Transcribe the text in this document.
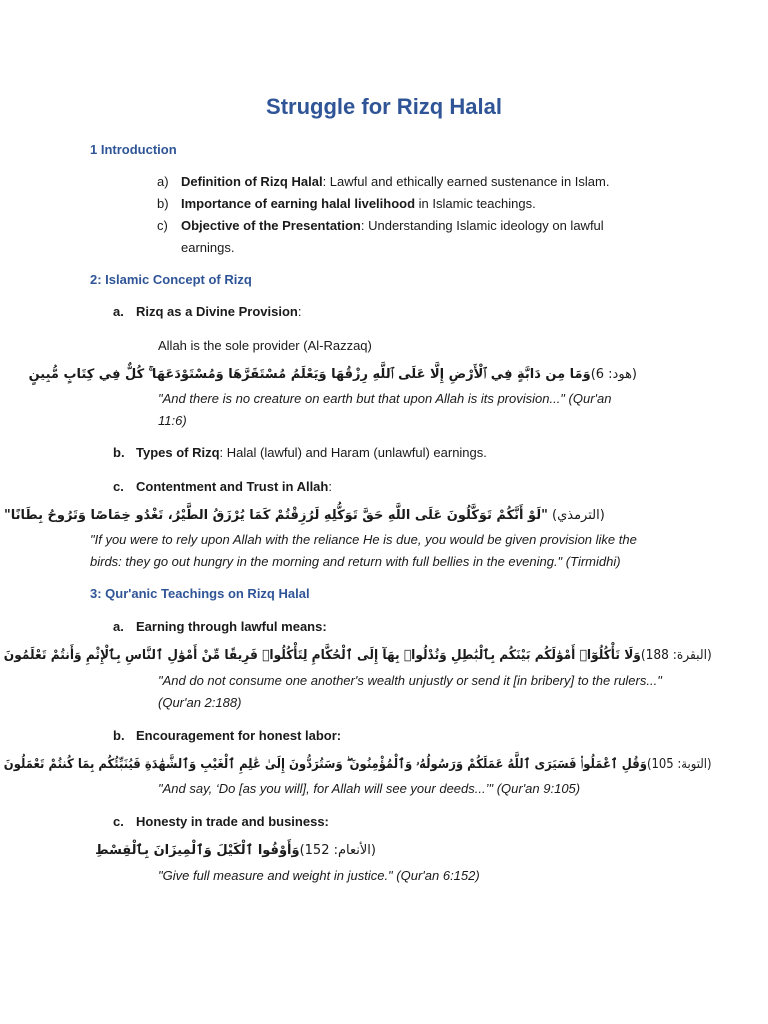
Struggle for Rizq Halal

1 Introduction

a) Definition of Rizq Halal: Lawful and ethically earned sustenance in Islam.

b) Importance of earning halal livelihood in Islamic teachings.

c) Objective of the Presentation: Understanding Islamic ideology on lawful

earnings.

2: Islamic Concept of Rizq

a. Rizq as a Divine Provision:

Allah is the sole provider (Al-Razzaq)

(هود: 6)وَمَا مِن دَابَّةٍ فِي ٱلْأَرْضِ إِلَّا عَلَى ٱللَّهِ رِزْقُهَا وَيَعْلَمُ مُسْتَقَرَّهَا وَمُسْتَوْدَعَهَا ۚ كُلٌّ فِي كِتَابٍ مُّبِينٍ

"And there is no creature on earth but that upon Allah is its provision..." (Qur'an

11:6)

b. Types of Rizq: Halal (lawful) and Haram (unlawful) earnings.

c. Contentment and Trust in Allah:

(الترمذي) "لَوْ أَنَّكُمْ تَوَكَّلُونَ عَلَى اللَّهِ حَقَّ تَوَكُّلِهِ لَرُزِقْتُمْ كَمَا يُرْزَقُ الطَّيْرُ، تَغْدُو خِمَاصًا وَتَرُوحُ بِطَانًا"

"If you were to rely upon Allah with the reliance He is due, you would be given provision like the

birds: they go out hungry in the morning and return with full bellies in the evening." (Tirmidhi)

3: Qur'anic Teachings on Rizq Halal

a. Earning through lawful means:

(البقرة: 188)وَلَا تَأْكُلُوٓا۟ أَمْوَٰلَكُم بَيْنَكُم بِٱلْبَٰطِلِ وَتُدْلُوا۟ بِهَآ إِلَى ٱلْحُكَّامِ لِتَأْكُلُوا۟ فَرِيقًا مِّنْ أَمْوَٰلِ ٱلنَّاسِ بِٱلْإِثْمِ وَأَنتُمْ تَعْلَمُونَ

"And do not consume one another's wealth unjustly or send it [in bribery] to the rulers..."

(Qur'an 2:188)

b. Encouragement for honest labor:

(التوبة: 105)وَقُلِ ٱعْمَلُوا۟ فَسَيَرَى ٱللَّهُ عَمَلَكُمْ وَرَسُولُهُۥ وَٱلْمُؤْمِنُونَ ۖ وَسَتُرَدُّونَ إِلَىٰ عَٰلِمِ ٱلْغَيْبِ وَٱلشَّهَٰدَةِ فَيُنَبِّئُكُم بِمَا كُنتُمْ تَعْمَلُونَ

"And say, ‘Do [as you will], for Allah will see your deeds...’" (Qur'an 9:105)

c. Honesty in trade and business:

(الأنعام: 152)وَأَوْفُوا ٱلْكَيْلَ وَٱلْمِيزَانَ بِٱلْقِسْطِ

"Give full measure and weight in justice." (Qur'an 6:152)
